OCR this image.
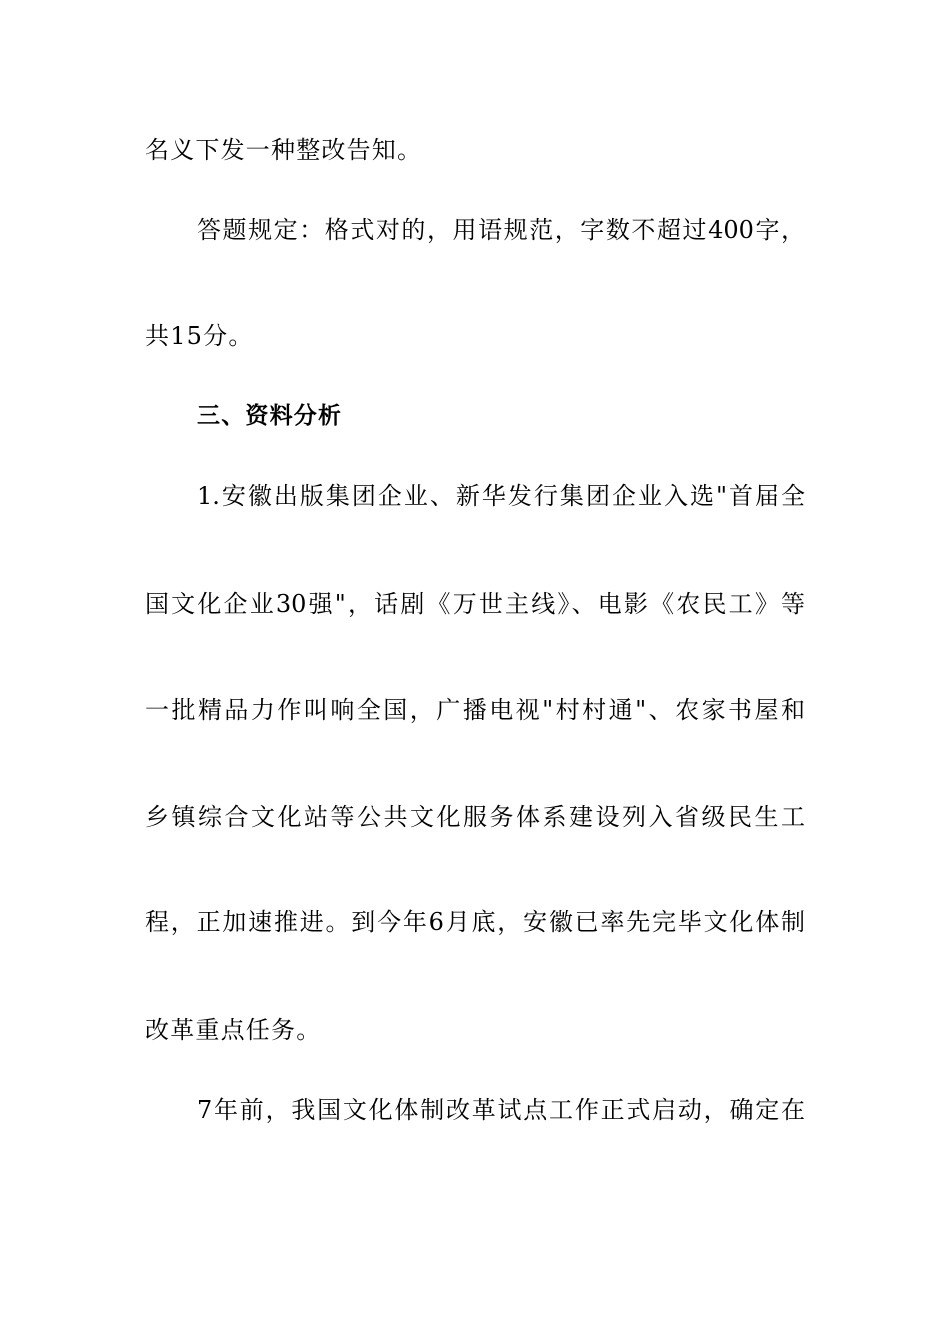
名义下发一种整改告知。
答题规定：格式对的，用语规范，字数不超过400字，
共15分。
三、资料分析
1.安徽出版集团企业、新华发行集团企业入选"首届全
国文化企业30强"，话剧《万世主线》、电影《农民工》等
一批精品力作叫响全国，广播电视"村村通"、农家书屋和
乡镇综合文化站等公共文化服务体系建设列入省级民生工
程，正加速推进。到今年6月底，安徽已率先完毕文化体制
改革重点任务。
7年前，我国文化体制改革试点工作正式启动，确定在
